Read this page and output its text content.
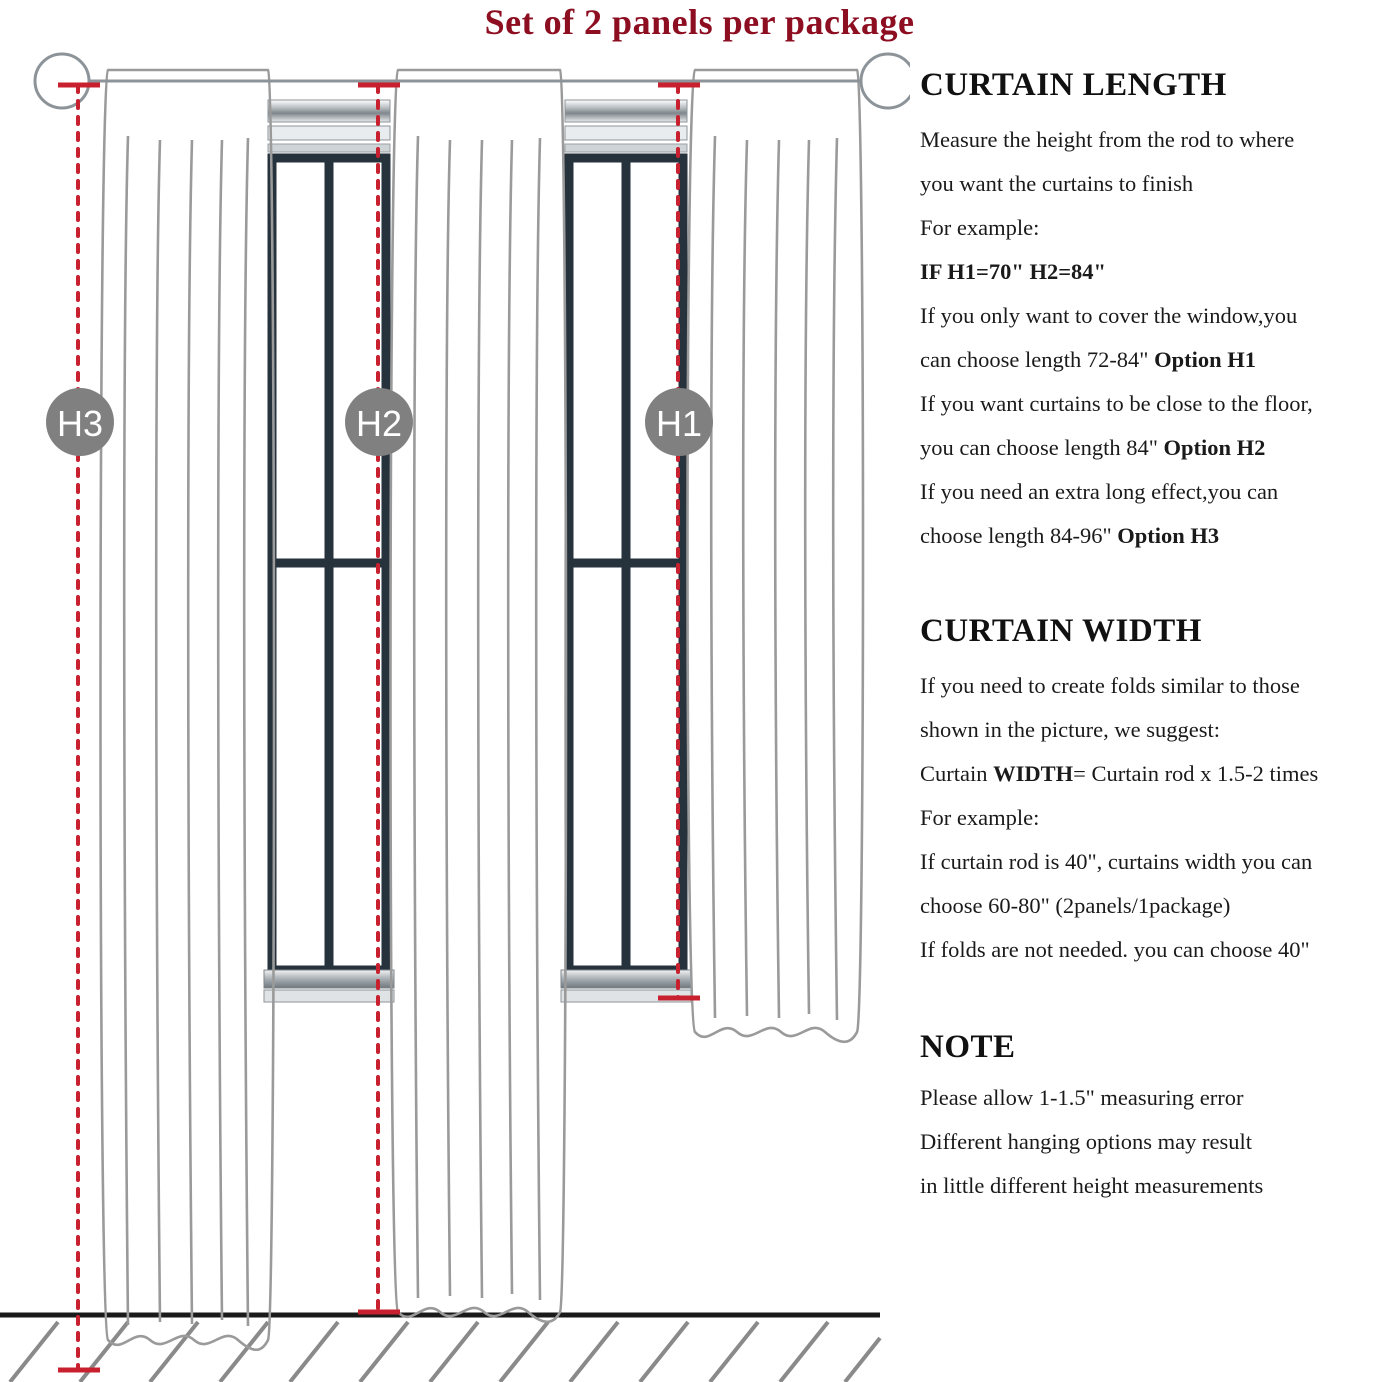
Set of 2 panels per package
H3	H2	H1
CURTAIN LENGTH

Measure the height from the rod to where

you want the curtains to finish

For example:

IF H1=70" H2=84"

If you only want to cover the window,you

can choose length 72-84" Option H1

If you want curtains to be close to the floor,

you can choose length 84" Option H2

If you need an extra long effect,you can

choose length 84-96" Option H3

CURTAIN WIDTH

If you need to create folds similar to those

shown in the picture, we suggest:

Curtain WIDTH= Curtain rod x 1.5-2 times

For example:

If curtain rod is 40", curtains width you can

choose 60-80" (2panels/1package)

If folds are not needed. you can choose 40"

NOTE

Please allow 1-1.5" measuring error

Different hanging options may result

in little different height measurements
